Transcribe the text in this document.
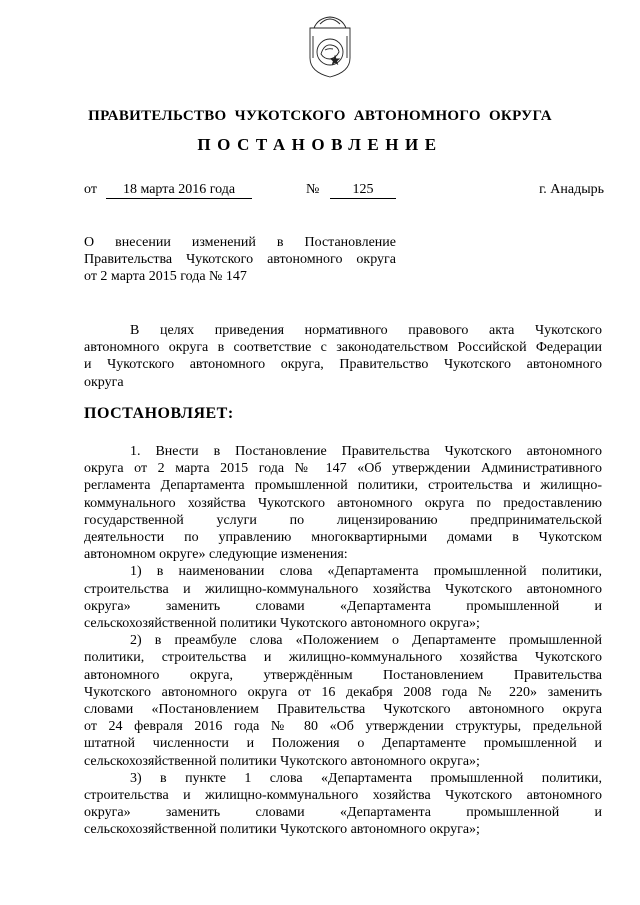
ПРАВИТЕЛЬСТВО  ЧУКОТСКОГО  АВТОНОМНОГО  ОКРУГА
ПОСТАНОВЛЕНИЕ
от	18 марта 2016 года	№	125	г. Анадырь
О внесении изменений в Постановление
Правительства Чукотского автономного округа
от 2 марта 2015 года № 147
В целях приведения нормативного правового акта Чукотского
автономного округа в соответствие с законодательством Российской Федерации
и Чукотского автономного округа, Правительство Чукотского автономного
округа
ПОСТАНОВЛЯЕТ:
1. Внести в Постановление Правительства Чукотского автономного
округа от 2 марта 2015 года № 147 «Об утверждении Административного
регламента Департамента промышленной политики, строительства и жилищно-
коммунального хозяйства Чукотского автономного округа по предоставлению
государственной услуги по лицензированию предпринимательской
деятельности по управлению многоквартирными домами в Чукотском
автономном округе» следующие изменения:
1) в наименовании слова «Департамента промышленной политики,
строительства и жилищно-коммунального хозяйства Чукотского автономного
округа» заменить словами «Департамента промышленной и
сельскохозяйственной политики Чукотского автономного округа»;
2) в преамбуле слова «Положением о Департаменте промышленной
политики, строительства и жилищно-коммунального хозяйства Чукотского
автономного округа, утверждённым Постановлением Правительства
Чукотского автономного округа от 16 декабря 2008 года № 220» заменить
словами «Постановлением Правительства Чукотского автономного округа
от 24 февраля 2016 года № 80 «Об утверждении структуры, предельной
штатной численности и Положения о Департаменте промышленной и
сельскохозяйственной политики Чукотского автономного округа»;
3) в пункте 1 слова «Департамента промышленной политики,
строительства и жилищно-коммунального хозяйства Чукотского автономного
округа» заменить словами «Департамента промышленной и
сельскохозяйственной политики Чукотского автономного округа»;
